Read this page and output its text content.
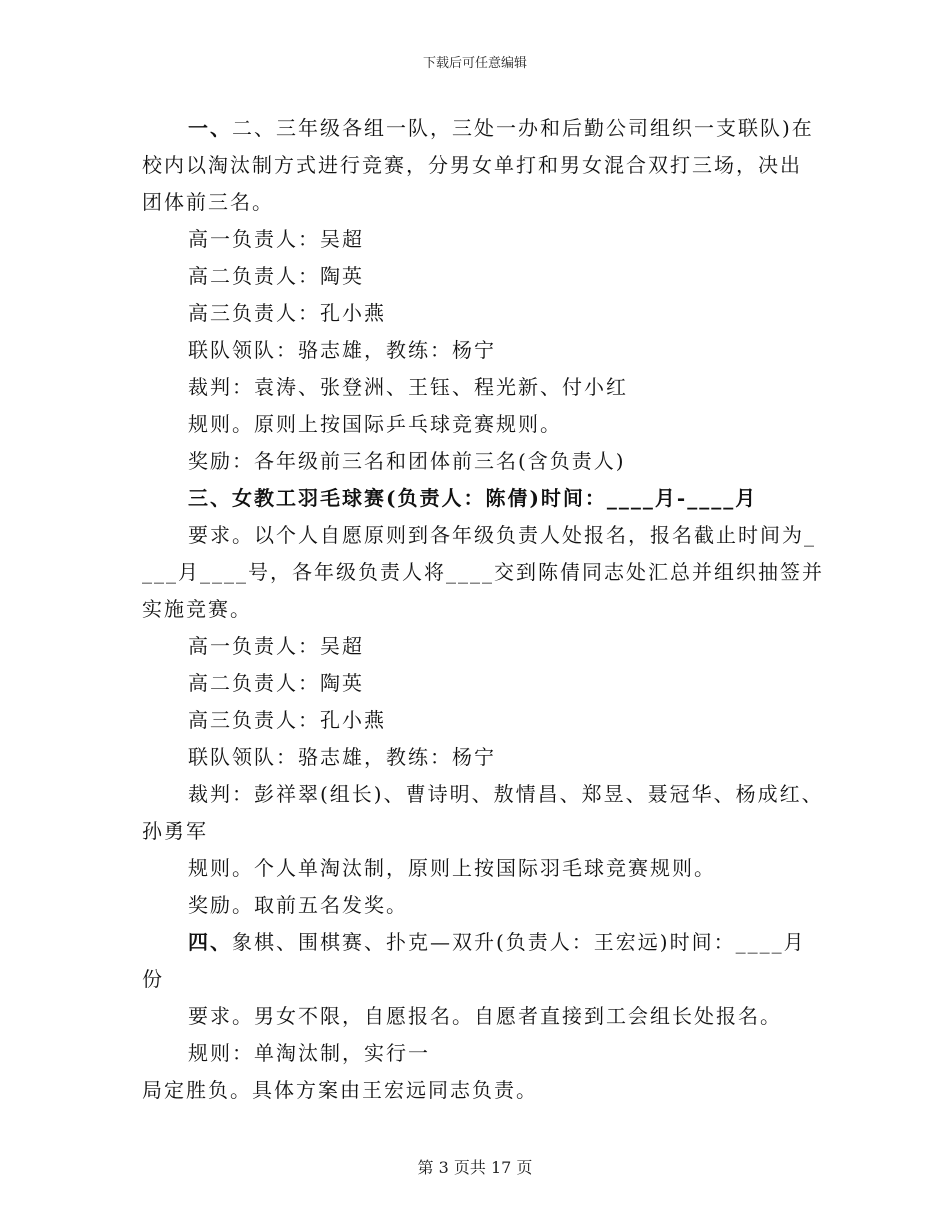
下载后可任意编辑
一、二、三年级各组一队，三处一办和后勤公司组织一支联队)在
校内以淘汰制方式进行竞赛，分男女单打和男女混合双打三场，决出
团体前三名。
高一负责人：吴超
高二负责人：陶英
高三负责人：孔小燕
联队领队：骆志雄，教练：杨宁
裁判：袁涛、张登洲、王钰、程光新、付小红
规则。原则上按国际乒乓球竞赛规则。
奖励：各年级前三名和团体前三名(含负责人)
三、女教工羽毛球赛(负责人：陈倩)时间：____月-____月
要求。以个人自愿原则到各年级负责人处报名，报名截止时间为_
___月____号，各年级负责人将____交到陈倩同志处汇总并组织抽签并
实施竞赛。
高一负责人：吴超
高二负责人：陶英
高三负责人：孔小燕
联队领队：骆志雄，教练：杨宁
裁判：彭祥翠(组长)、曹诗明、敖情昌、郑昱、聂冠华、杨成红、
孙勇军
规则。个人单淘汰制，原则上按国际羽毛球竞赛规则。
奖励。取前五名发奖。
四、象棋、围棋赛、扑克—双升(负责人：王宏远)时间：____月
份
要求。男女不限，自愿报名。自愿者直接到工会组长处报名。
规则：单淘汰制，实行一
局定胜负。具体方案由王宏远同志负责。
第 3 页共 17 页
